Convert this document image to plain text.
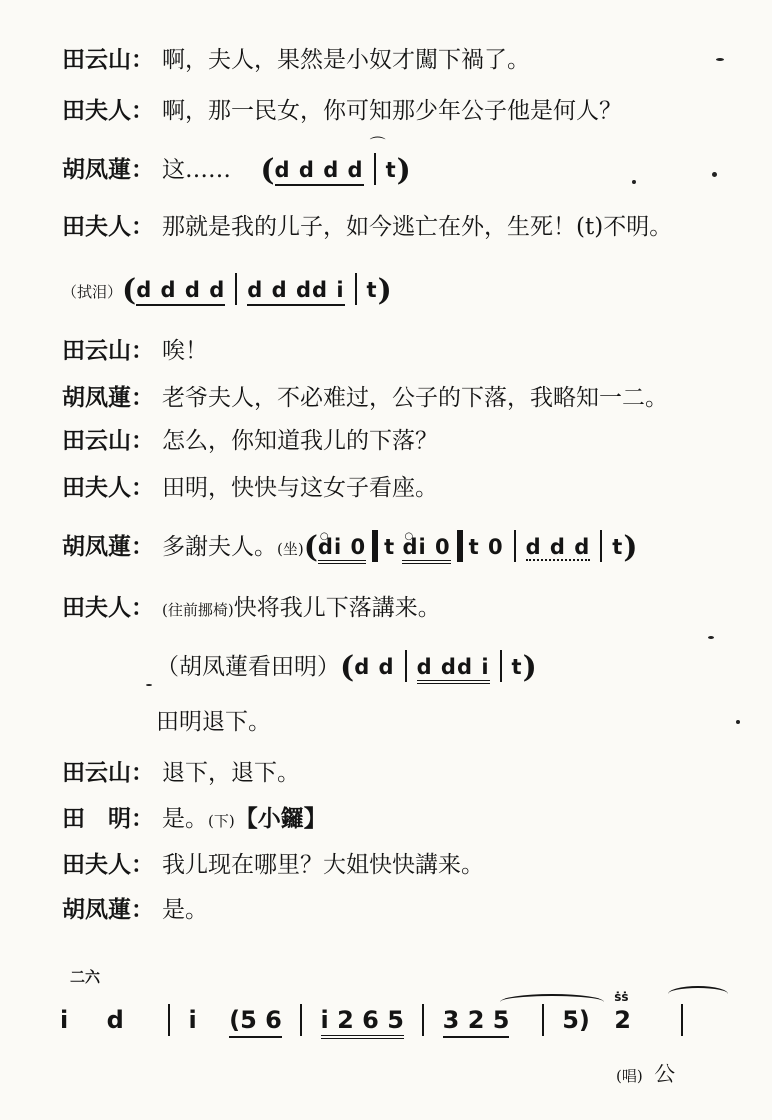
田云山： 啊，夫人，果然是小奴才闖下禍了。
田夫人： 啊，那一民女，你可知那少年公子他是何人？
胡凤蓮： 这…… (d d d d ⌒ t)
田夫人： 那就是我的儿子，如今逃亡在外，生死！(t)不明。
（拭泪）(d d d d d d dd i t)
田云山： 唉！
胡凤蓮： 老爷夫人，不必难过，公子的下落，我略知一二。
田云山： 怎么，你知道我儿的下落？
田夫人： 田明，快快与这女子看座。
胡凤蓮： 多謝夫人。(坐)(○ di 0 t ○ di 0 t 0 d d d t)
田夫人： (往前挪椅)快将我儿下落講来。
（胡凤蓮看田明）(d d d dd i t)
田明退下。
田云山： 退下，退下。
田　明： 是。(下)【小鑼】
田夫人： 我儿现在哪里？大姐快快講来。
胡凤蓮： 是。
二六
i d	i (5 6 i 2 6 5 3 2 5 5)
ṡṡ
2
(唱) 公
